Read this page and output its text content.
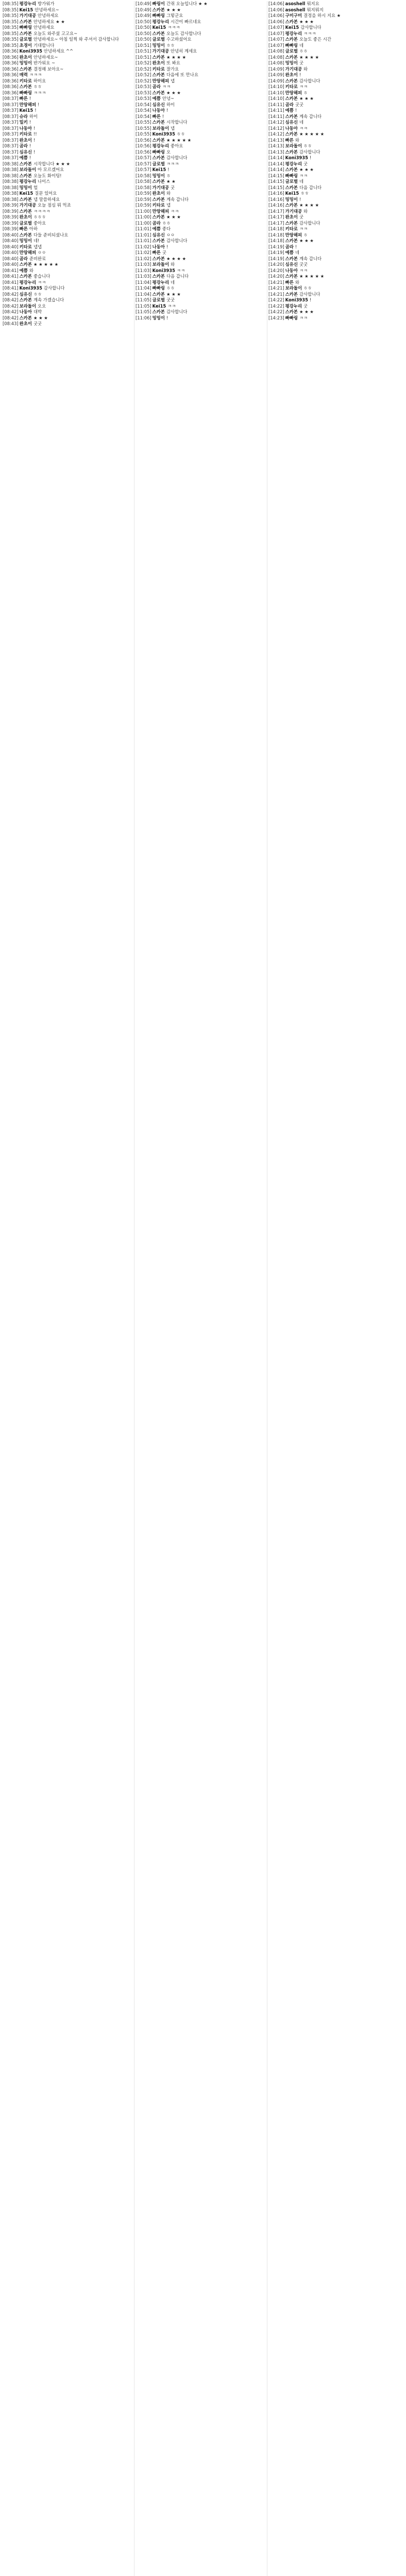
[08:35] 평강누리 방가워가
[08:35] Kei15 안녕하세요~
[08:35] 가기대공 안녕하세요
[08:35] 스카본 안녕하세요 ★ ★
[08:35] 빠빠링 안녕하세요
[08:35] 스카본 오늘도 와주셨 고고요~
[08:35] 글로벌 안녕하세요~ 아침 일찍 와 주셔서 감사합니다
[08:35] 초경이 기대합니다
[08:36] Koni3935 안녕하세요 ^^
[08:36] 완초이 안녕하세요~
[08:36] 밍밍이 반가워요 ~
[08:36] 스카본 결정해 보아요~
[08:36] 매력 ㅋㅋㅋ
[08:36] 키타로 하이요
[08:36] 스카본 ㅎㅎ
[08:36] 빠빠링 ㅋㅋㅋ
[08:37] 빠른 !
[08:37] 만땅해피 !
[08:37] Kei15 !
[08:37] 슈라 하이
[08:37] 밀키 !
[08:37] 나동아 !
[08:37] 키타로 !!
[08:37] 완초이 !
[08:37] 곰라 !
[08:37] 심유신 !
[08:37] 예쁨 !
[08:38] 스카본 시작합니다 ★ ★ ★
[08:38] 보라돌이 아 모르겠어요
[08:38] 스카본 오늘도 화이팅!
[08:38] 평강누리 나이스
[08:38] 밍밍이 헐
[08:38] Kei15 질문 있어요
[08:38] 스카본 넵 말씀하세요
[08:39] 가기대공 오늘 점심 뭐 먹죠
[08:39] 스카본 ㅋㅋㅋㅋ
[08:39] 완초이 ㅎㅎㅎ
[08:39] 글로벌 좋아요
[08:39] 빠른 아하
[08:40] 스카본 다들 준비되셨나요
[08:40] 밍밍이 네!
[08:40] 키타로 넵넵
[08:40] 만땅해피 ㅇㅇ
[08:40] 곰라 준비완료
[08:40] 스카본 ★ ★ ★ ★ ★
[08:41] 예쁨 와
[08:41] 스카본 좋습니다
[08:41] 평강누리 ㅋㅋ
[08:41] Koni3935 감사합니다
[08:42] 심유신 ㅎㅎ
[08:42] 스카본 계속 가겠습니다
[08:42] 보라돌이 오오
[08:42] 나동아 대박
[08:42] 스카본 ★ ★ ★
[08:43] 완초이 굿굿
[10:49] 빠링이 간쥐 오늘입니다 ★ ★
[10:49] 스카본 ★ ★ ★
[10:49] 빠빠링 그렇군요
[10:50] 평강누리 시간이 빠르네요
[10:50] Kei15 ㅋㅋㅋ
[10:50] 스카본 오늘도 감사합니다
[10:50] 글로벌 수고하셨어요
[10:51] 밍밍이 ㅎㅎ
[10:51] 가기대공 안녕히 계세요
[10:51] 스카본 ★ ★ ★ ★
[10:52] 완초이 또 봐요
[10:52] 키타로 잘가요
[10:52] 스카본 다음에 또 만나요
[10:52] 만땅해피 넵
[10:53] 곰라 ㅋㅋ
[10:53] 스카본 ★ ★ ★
[10:53] 예쁨 안녕~
[10:54] 심유신 하이
[10:54] 나동아 !
[10:54] 빠른 !
[10:55] 스카본 시작합니다
[10:55] 보라돌이 넵
[10:55] Koni3935 ㅎㅎ
[10:56] 스카본 ★ ★ ★ ★ ★
[10:56] 평강누리 좋아요
[10:56] 빠빠링 오
[10:57] 스카본 감사합니다
[10:57] 글로벌 ㅋㅋㅋ
[10:57] Kei15 !
[10:58] 밍밍이 ㅎ
[10:58] 스카본 ★ ★
[10:58] 가기대공 굿
[10:59] 완초이 와
[10:59] 스카본 계속 갑니다
[10:59] 키타로 넵
[11:00] 만땅해피 ㅋㅋ
[11:00] 스카본 ★ ★ ★
[11:00] 곰라 ㅎㅎ
[11:01] 예쁨 좋다
[11:01] 심유신 ㅇㅇ
[11:01] 스카본 감사합니다
[11:02] 나동아 !
[11:02] 빠른 굿
[11:02] 스카본 ★ ★ ★ ★
[11:03] 보라돌이 와
[11:03] Koni3935 ㅋㅋ
[11:03] 스카본 다음 갑니다
[11:04] 평강누리 네
[11:04] 빠빠링 ㅎㅎ
[11:04] 스카본 ★ ★ ★
[11:05] 글로벌 굿굿
[11:05] Kei15 ㅋㅋ
[11:05] 스카본 감사합니다
[11:06] 밍밍이 !
[14:06] asoshell 뭐지요
[14:06] asoshell 뭐지뭐지
[14:06] 구미구미 결정을 하시 지요 ★
[14:06] 스카본 ★ ★ ★
[14:07] Kei15 감사합니다
[14:07] 평강누리 ㅋㅋㅋ
[14:07] 스카본 오늘도 좋은 시간
[14:07] 빠빠링 네
[14:08] 글로벌 ㅎㅎ
[14:08] 스카본 ★ ★ ★ ★
[14:08] 밍밍이 굿
[14:09] 가기대공 와
[14:09] 완초이 !
[14:09] 스카본 감사합니다
[14:10] 키타로 ㅋㅋ
[14:10] 만땅해피 ㅎ
[14:10] 스카본 ★ ★ ★
[14:11] 곰라 굿굿
[14:11] 예쁨 !
[14:11] 스카본 계속 갑니다
[14:12] 심유신 네
[14:12] 나동아 ㅋㅋ
[14:12] 스카본 ★ ★ ★ ★ ★
[14:13] 빠른 와
[14:13] 보라돌이 ㅎㅎ
[14:13] 스카본 감사합니다
[14:14] Koni3935 !
[14:14] 평강누리 굿
[14:14] 스카본 ★ ★ ★
[14:15] 빠빠링 ㅋㅋ
[14:15] 글로벌 네
[14:15] 스카본 다음 갑니다
[14:16] Kei15 ㅎㅎ
[14:16] 밍밍이 !
[14:16] 스카본 ★ ★ ★ ★
[14:17] 가기대공 와
[14:17] 완초이 굿
[14:17] 스카본 감사합니다
[14:18] 키타로 ㅋㅋ
[14:18] 만땅해피 ㅎ
[14:18] 스카본 ★ ★ ★
[14:19] 곰라 !
[14:19] 예쁨 네
[14:19] 스카본 계속 갑니다
[14:20] 심유신 굿굿
[14:20] 나동아 ㅋㅋ
[14:20] 스카본 ★ ★ ★ ★ ★
[14:21] 빠른 와
[14:21] 보라돌이 ㅎㅎ
[14:21] 스카본 감사합니다
[14:22] Koni3935 !
[14:22] 평강누리 굿
[14:22] 스카본 ★ ★ ★
[14:23] 빠빠링 ㅋㅋ
